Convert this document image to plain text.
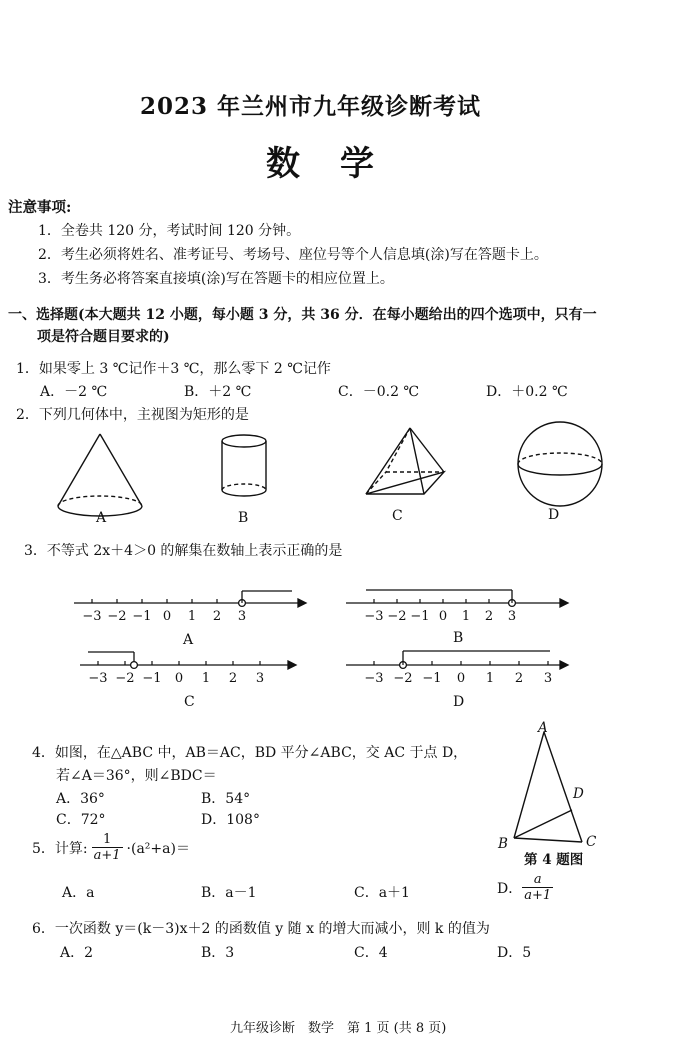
2023 年兰州市九年级诊断考试
数学
注意事项:
1．全卷共 120 分，考试时间 120 分钟。
2．考生必须将姓名、准考证号、考场号、座位号等个人信息填(涂)写在答题卡上。
3．考生务必将答案直接填(涂)写在答题卡的相应位置上。
一、选择题(本大题共 12 小题，每小题 3 分，共 36 分．在每小题给出的四个选项中，只有一
项是符合题目要求的)
1．如果零上 3 ℃记作＋3 ℃，那么零下 2 ℃记作
A．－2 ℃	B．＋2 ℃	C．－0.2 ℃	D．＋0.2 ℃
2．下列几何体中，主视图为矩形的是
A	B	C	D
3．不等式 2x＋4＞0 的解集在数轴上表示正确的是
−3 −2 −1 0 1 2 3	−3 −2 −1 0 1 2 3
−3 −2 −1 0 1 2 3	−3 −2 −1 0 1 2 3
A	B
C	D
4．如图，在△ABC 中，AB＝AC，BD 平分∠ABC，交 AC 于点 D，
若∠A＝36°，则∠BDC＝
A．36°	B．54°
C．72°	D．108°
A
B	C
D
第 4 题图
5．计算: $\frac{1}{a+1} \cdot(a^2+a)=$
A．a	B．a－1	C．a＋1	D． $\frac{a}{a+1}$
6．一次函数 y＝(k－3)x＋2 的函数值 y 随 x 的增大而减小，则 k 的值为
A．2	B．3	C．4	D．5
九年级诊断　数学　第 1 页 (共 8 页)
